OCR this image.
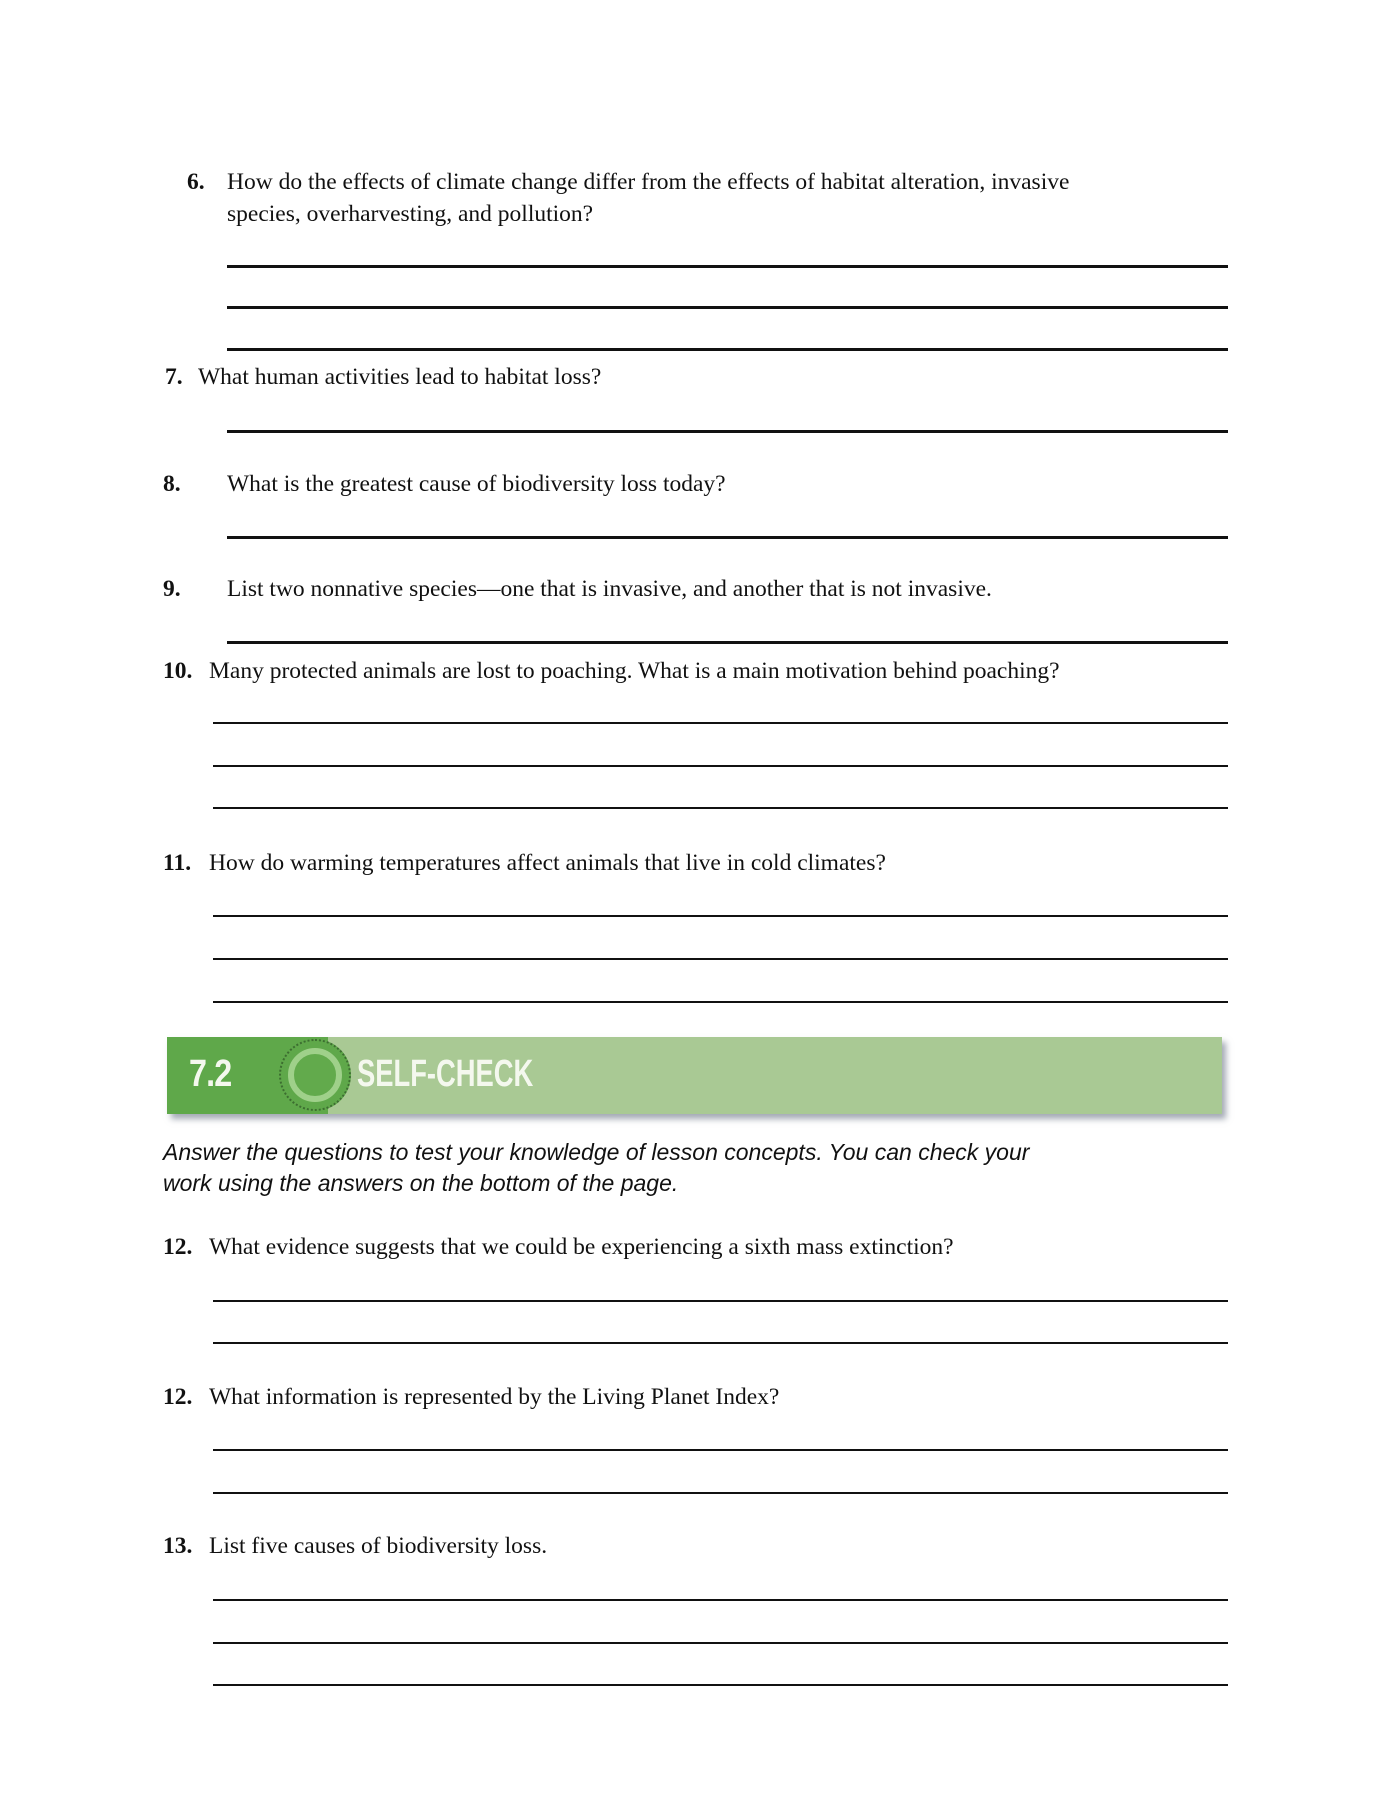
6. How do the effects of climate change differ from the effects of habitat alteration, invasive
species, overharvesting, and pollution?
7. What human activities lead to habitat loss?
8. What is the greatest cause of biodiversity loss today?
9. List two nonnative species—one that is invasive, and another that is not invasive.
10. Many protected animals are lost to poaching. What is a main motivation behind poaching?
11. How do warming temperatures affect animals that live in cold climates?
7.2	SELF-CHECK
Answer the questions to test your knowledge of lesson concepts. You can check your
work using the answers on the bottom of the page.
12. What evidence suggests that we could be experiencing a sixth mass extinction?
12. What information is represented by the Living Planet Index?
13. List five causes of biodiversity loss.
